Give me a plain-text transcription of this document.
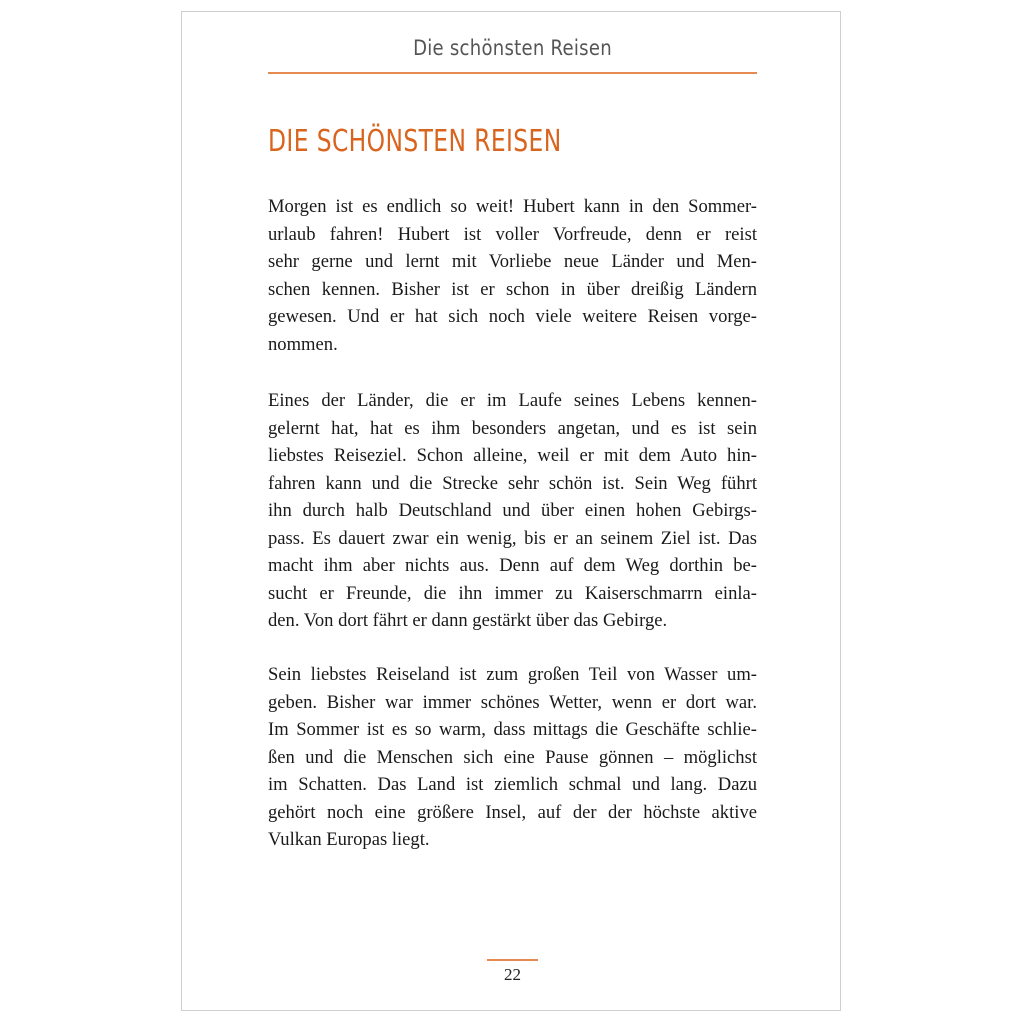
Die schönsten Reisen
DIE SCHÖNSTEN REISEN

Morgen ist es endlich so weit! Hubert kann in den Sommer-
urlaub fahren! Hubert ist voller Vorfreude, denn er reist
sehr gerne und lernt mit Vorliebe neue Länder und Men-
schen kennen. Bisher ist er schon in über dreißig Ländern
gewesen. Und er hat sich noch viele weitere Reisen vorge-
nommen.

Eines der Länder, die er im Laufe seines Lebens kennen-
gelernt hat, hat es ihm besonders angetan, und es ist sein
liebstes Reiseziel. Schon alleine, weil er mit dem Auto hin-
fahren kann und die Strecke sehr schön ist. Sein Weg führt
ihn durch halb Deutschland und über einen hohen Gebirgs-
pass. Es dauert zwar ein wenig, bis er an seinem Ziel ist. Das
macht ihm aber nichts aus. Denn auf dem Weg dorthin be-
sucht er Freunde, die ihn immer zu Kaiserschmarrn einla-
den. Von dort fährt er dann gestärkt über das Gebirge.

Sein liebstes Reiseland ist zum großen Teil von Wasser um-
geben. Bisher war immer schönes Wetter, wenn er dort war.
Im Sommer ist es so warm, dass mittags die Geschäfte schlie-
ßen und die Menschen sich eine Pause gönnen – möglichst
im Schatten. Das Land ist ziemlich schmal und lang. Dazu
gehört noch eine größere Insel, auf der der höchste aktive
Vulkan Europas liegt.

22
